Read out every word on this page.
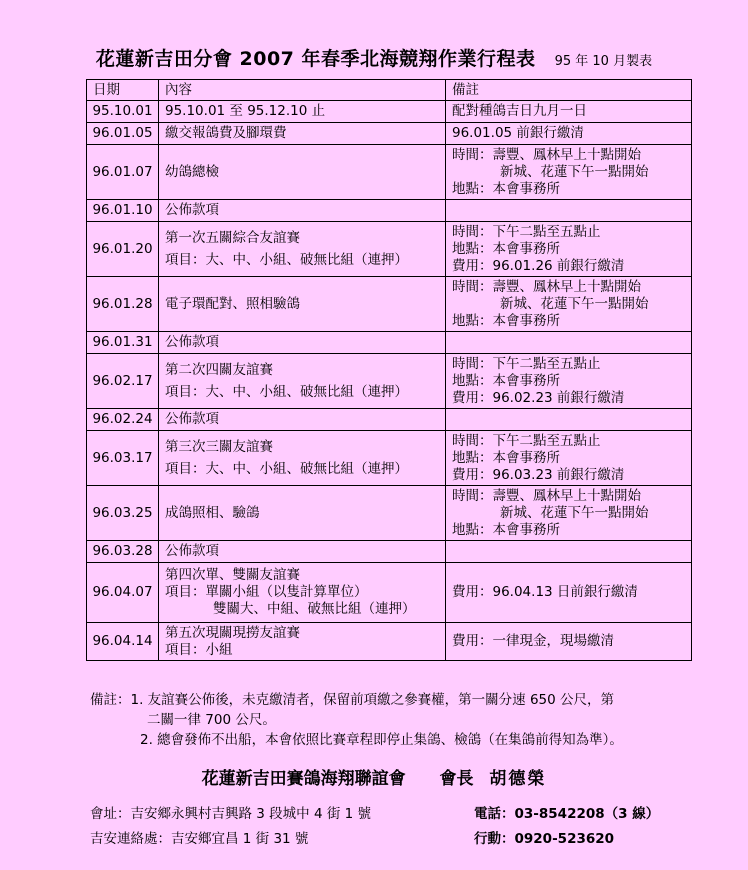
花蓮新吉田分會 2007 年春季北海競翔作業行程表 95 年 10 月製表
日期	內容	備註
95.10.01	95.10.01 至 95.12.10 止	配對種鴿吉日九月一日

96.01.05	繳交報鴿費及腳環費	96.01.05 前銀行繳清

96.01.07	幼鴿總檢	時間：壽豐、鳳林早上十點開始
新城、花蓮下午一點開始
地點：本會事務所

96.01.10	公佈款項	

96.01.20	第一次五關綜合友誼賽
項目：大、中、小組、破無比組（連押）	時間：下午二點至五點止
地點：本會事務所
費用：96.01.26 前銀行繳清

96.01.28	電子環配對、照相驗鴿	時間：壽豐、鳳林早上十點開始
新城、花蓮下午一點開始
地點：本會事務所

96.01.31	公佈款項	

96.02.17	第二次四關友誼賽
項目：大、中、小組、破無比組（連押）	時間：下午二點至五點止
地點：本會事務所
費用：96.02.23 前銀行繳清

96.02.24	公佈款項	

96.03.17	第三次三關友誼賽
項目：大、中、小組、破無比組（連押）	時間：下午二點至五點止
地點：本會事務所
費用：96.03.23 前銀行繳清

96.03.25	成鴿照相、驗鴿	時間：壽豐、鳳林早上十點開始
新城、花蓮下午一點開始
地點：本會事務所

96.03.28	公佈款項	

96.04.07	第四次單、雙關友誼賽
項目：單關小組（以隻計算單位）
雙關大、中組、破無比組（連押）	費用：96.04.13 日前銀行繳清

96.04.14	第五次現關現撈友誼賽
項目：小組	費用：一律現金，現場繳清
備註：1. 友誼賽公佈後，未克繳清者，保留前項繳之參賽權，第一關分速 650 公尺，第
二關一律 700 公尺。
2. 總會發佈不出船，本會依照比賽章程即停止集鴿、檢鴿（在集鴿前得知為準）。
花蓮新吉田賽鴿海翔聯誼會 會長 胡德榮
會址：吉安鄉永興村吉興路 3 段城中 4 街 1 號
吉安連絡處：吉安鄉宜昌 1 街 31 號
電話：03-8542208（3 線）
行動：0920-523620
